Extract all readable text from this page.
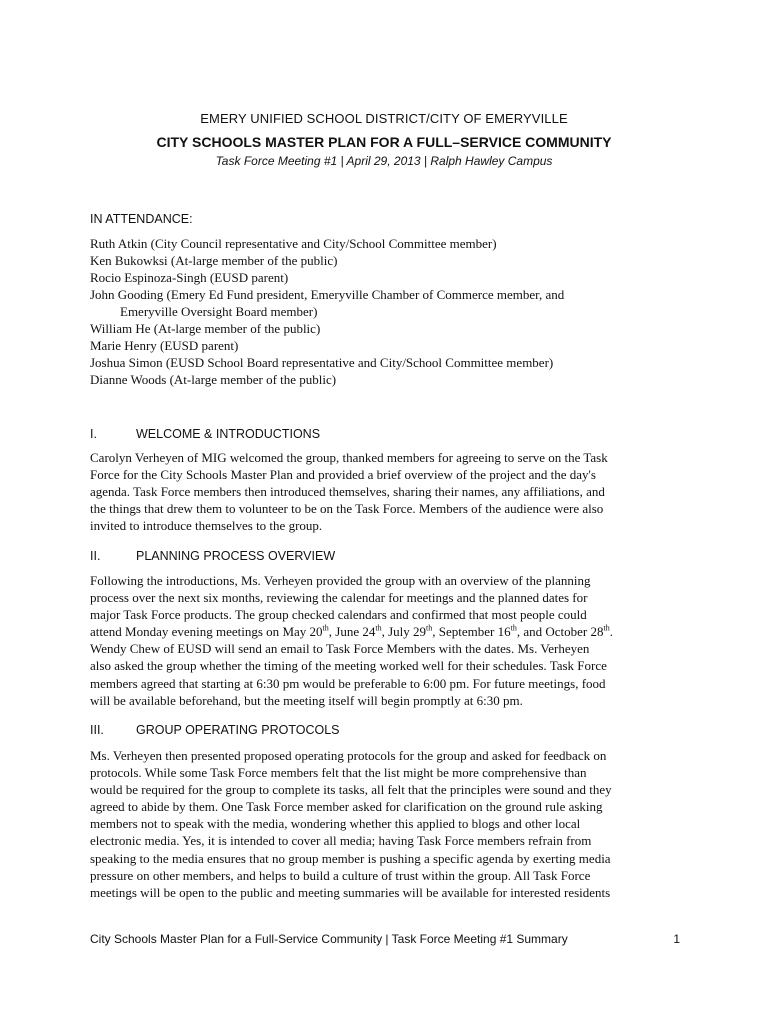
EMERY UNIFIED SCHOOL DISTRICT/CITY OF EMERYVILLE
CITY SCHOOLS MASTER PLAN FOR A FULL–SERVICE COMMUNITY
Task Force Meeting #1 | April 29, 2013 | Ralph Hawley Campus
IN ATTENDANCE:
Ruth Atkin (City Council representative and City/School Committee member)
Ken Bukowksi (At-large member of the public)
Rocio Espinoza-Singh (EUSD parent)
John Gooding (Emery Ed Fund president, Emeryville Chamber of Commerce member, and
Emeryville Oversight Board member)
William He (At-large member of the public)
Marie Henry (EUSD parent)
Joshua Simon (EUSD School Board representative and City/School Committee member)
Dianne Woods (At-large member of the public)
I.	WELCOME & INTRODUCTIONS
Carolyn Verheyen of MIG welcomed the group, thanked members for agreeing to serve on the Task
Force for the City Schools Master Plan and provided a brief overview of the project and the day's
agenda. Task Force members then introduced themselves, sharing their names, any affiliations, and
the things that drew them to volunteer to be on the Task Force. Members of the audience were also
invited to introduce themselves to the group.
II.	PLANNING PROCESS OVERVIEW
Following the introductions, Ms. Verheyen provided the group with an overview of the planning
process over the next six months, reviewing the calendar for meetings and the planned dates for
major Task Force products. The group checked calendars and confirmed that most people could
attend Monday evening meetings on May 20th, June 24th, July 29th, September 16th, and October 28th.
Wendy Chew of EUSD will send an email to Task Force Members with the dates. Ms. Verheyen
also asked the group whether the timing of the meeting worked well for their schedules. Task Force
members agreed that starting at 6:30 pm would be preferable to 6:00 pm. For future meetings, food
will be available beforehand, but the meeting itself will begin promptly at 6:30 pm.
III.	GROUP OPERATING PROTOCOLS
Ms. Verheyen then presented proposed operating protocols for the group and asked for feedback on
protocols. While some Task Force members felt that the list might be more comprehensive than
would be required for the group to complete its tasks, all felt that the principles were sound and they
agreed to abide by them. One Task Force member asked for clarification on the ground rule asking
members not to speak with the media, wondering whether this applied to blogs and other local
electronic media. Yes, it is intended to cover all media; having Task Force members refrain from
speaking to the media ensures that no group member is pushing a specific agenda by exerting media
pressure on other members, and helps to build a culture of trust within the group. All Task Force
meetings will be open to the public and meeting summaries will be available for interested residents
City Schools Master Plan for a Full-Service Community | Task Force Meeting #1 Summary	1
